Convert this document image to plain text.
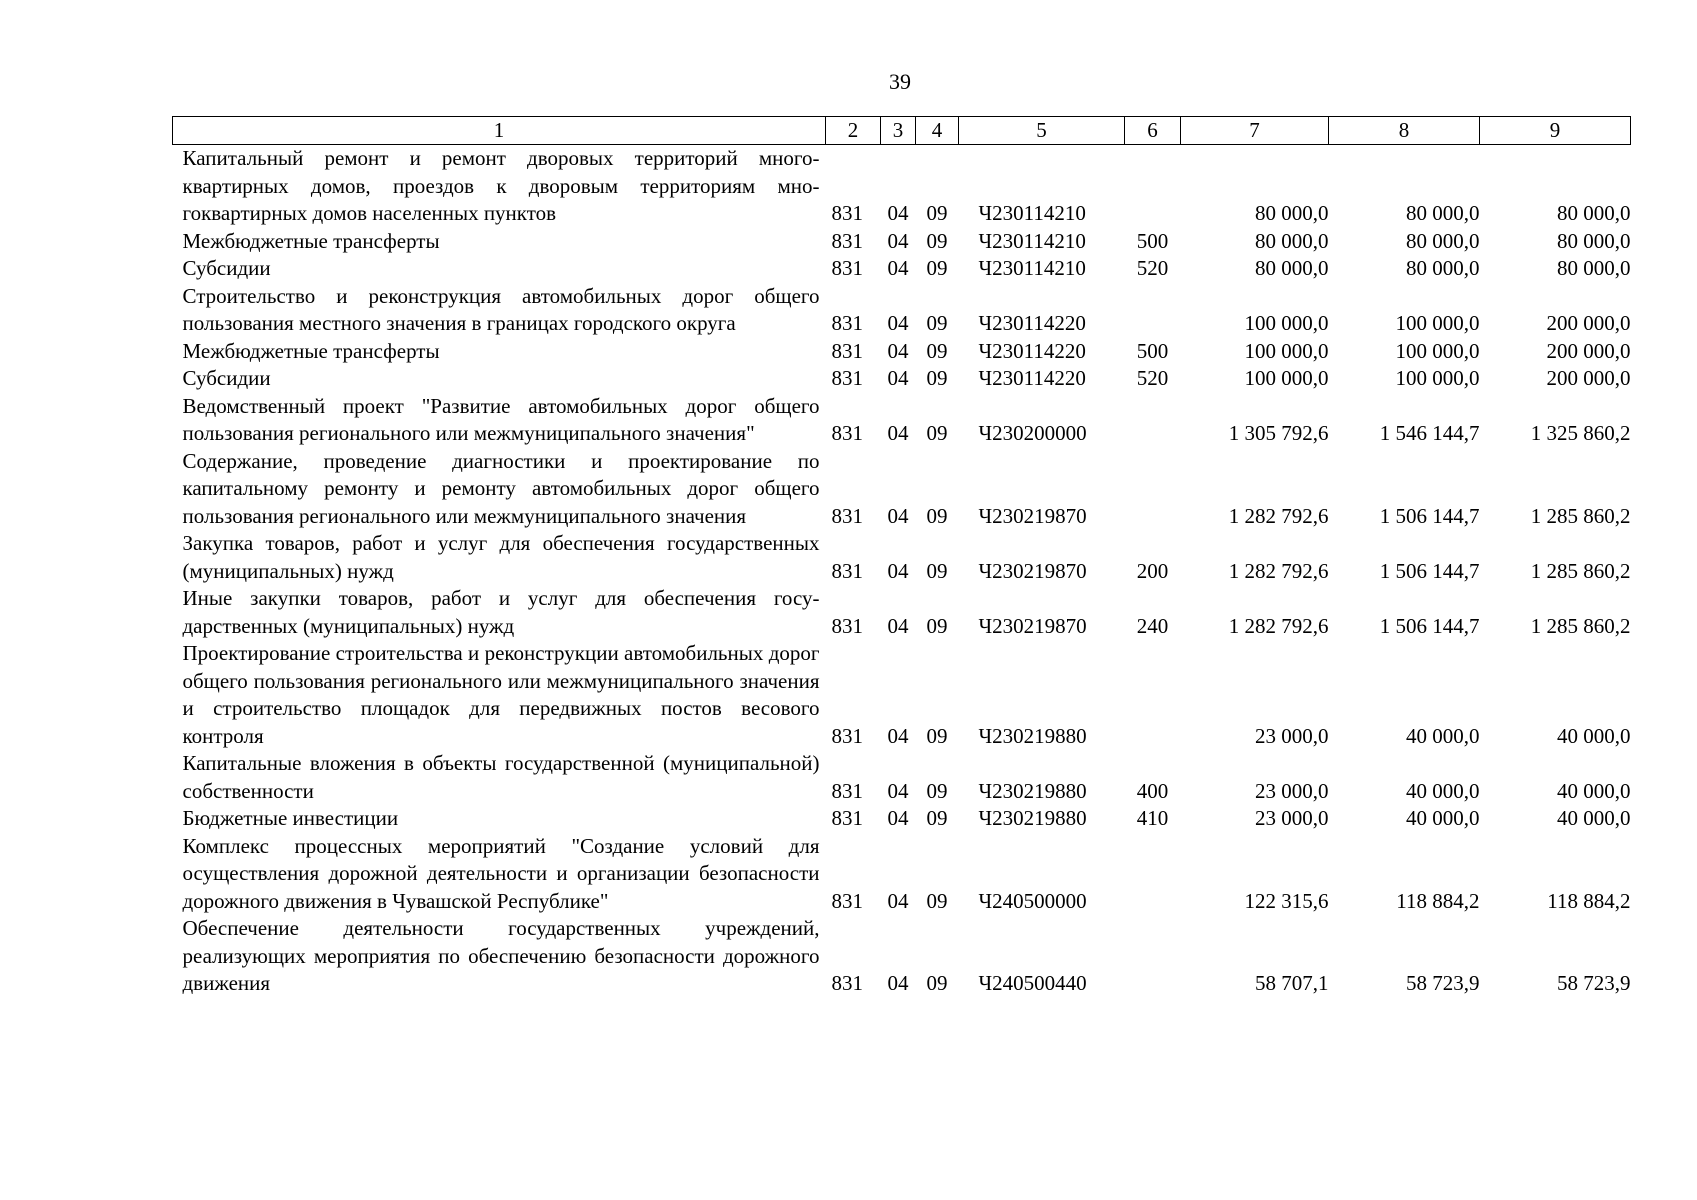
39
1	2	3	4	5	6	7	8	9
Капитальный ремонт и ремонт дворовых территорий многоквартирных домов, проездов к дворовым территориям многоквартирных домов населенных пунктов	831	04	09	Ч230114210		80 000,0	80 000,0	80 000,0
Межбюджетные трансферты	831	04	09	Ч230114210	500	80 000,0	80 000,0	80 000,0
Субсидии	831	04	09	Ч230114210	520	80 000,0	80 000,0	80 000,0
Строительство и реконструкция автомобильных дорог общего пользования местного значения в границах городского округа	831	04	09	Ч230114220		100 000,0	100 000,0	200 000,0
Межбюджетные трансферты	831	04	09	Ч230114220	500	100 000,0	100 000,0	200 000,0
Субсидии	831	04	09	Ч230114220	520	100 000,0	100 000,0	200 000,0
Ведомственный проект "Развитие автомобильных дорог общего пользования регионального или межмуниципального значения"	831	04	09	Ч230200000		1 305 792,6	1 546 144,7	1 325 860,2
Содержание, проведение диагностики и проектирование по капитальному ремонту и ремонту автомобильных дорог общего пользования регионального или межмуниципального значения	831	04	09	Ч230219870		1 282 792,6	1 506 144,7	1 285 860,2
Закупка товаров, работ и услуг для обеспечения государственных (муниципальных) нужд	831	04	09	Ч230219870	200	1 282 792,6	1 506 144,7	1 285 860,2
Иные закупки товаров, работ и услуг для обеспечения государственных (муниципальных) нужд	831	04	09	Ч230219870	240	1 282 792,6	1 506 144,7	1 285 860,2
Проектирование строительства и реконструкции автомобильных дорог общего пользования регионального или межмуниципального значения и строительство площадок для передвижных постов весового контроля	831	04	09	Ч230219880		23 000,0	40 000,0	40 000,0
Капитальные вложения в объекты государственной (муниципальной) собственности	831	04	09	Ч230219880	400	23 000,0	40 000,0	40 000,0
Бюджетные инвестиции	831	04	09	Ч230219880	410	23 000,0	40 000,0	40 000,0
Комплекс процессных мероприятий "Создание условий для осуществления дорожной деятельности и организации безопасности дорожного движения в Чувашской Республике"	831	04	09	Ч240500000		122 315,6	118 884,2	118 884,2
Обеспечение деятельности государственных учреждений, реализующих мероприятия по обеспечению безопасности дорожного движения	831	04	09	Ч240500440		58 707,1	58 723,9	58 723,9
